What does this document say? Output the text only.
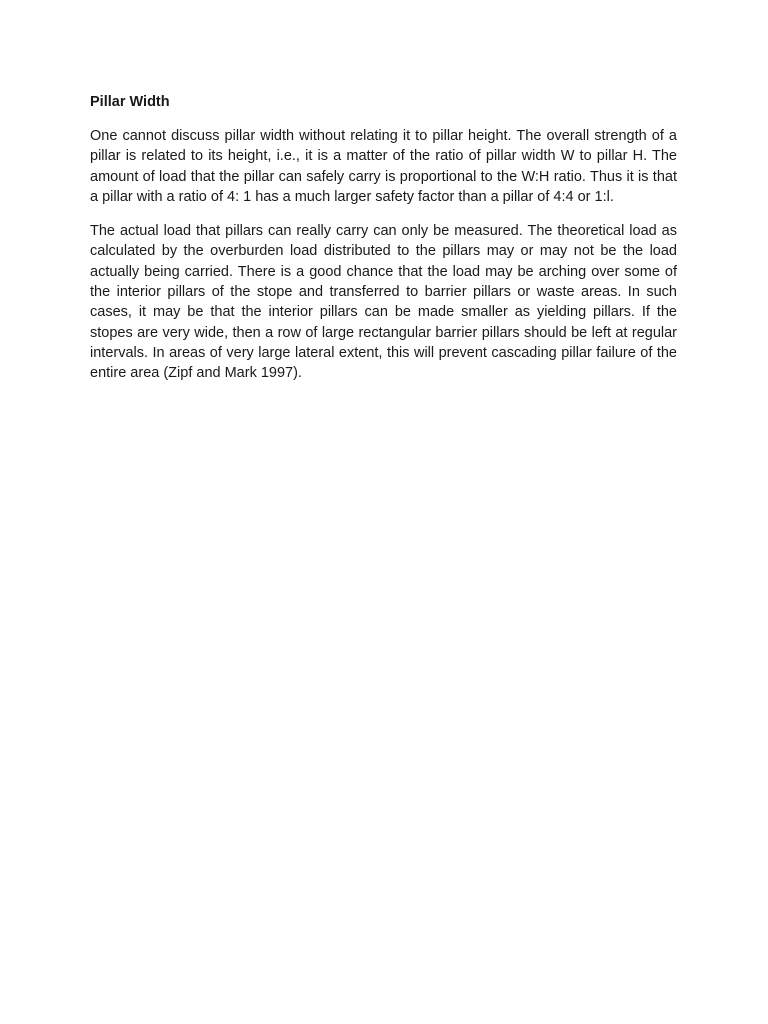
Pillar Width

One cannot discuss pillar width without relating it to pillar height. The overall strength of a pillar is related to its height, i.e., it is a matter of the ratio of pillar width W to pillar H. The amount of load that the pillar can safely carry is proportional to the W:H ratio. Thus it is that a pillar with a ratio of 4: 1 has a much larger safety factor than a pillar of 4:4 or 1:l.

The actual load that pillars can really carry can only be measured. The theoretical load as calculated by the overburden load distributed to the pillars may or may not be the load actually being carried. There is a good chance that the load may be arching over some of the interior pillars of the stope and transferred to barrier pillars or waste areas. In such cases, it may be that the interior pillars can be made smaller as yielding pillars. If the stopes are very wide, then a row of large rectangular barrier pillars should be left at regular intervals. In areas of very large lateral extent, this will prevent cascading pillar failure of the entire area (Zipf and Mark 1997).
